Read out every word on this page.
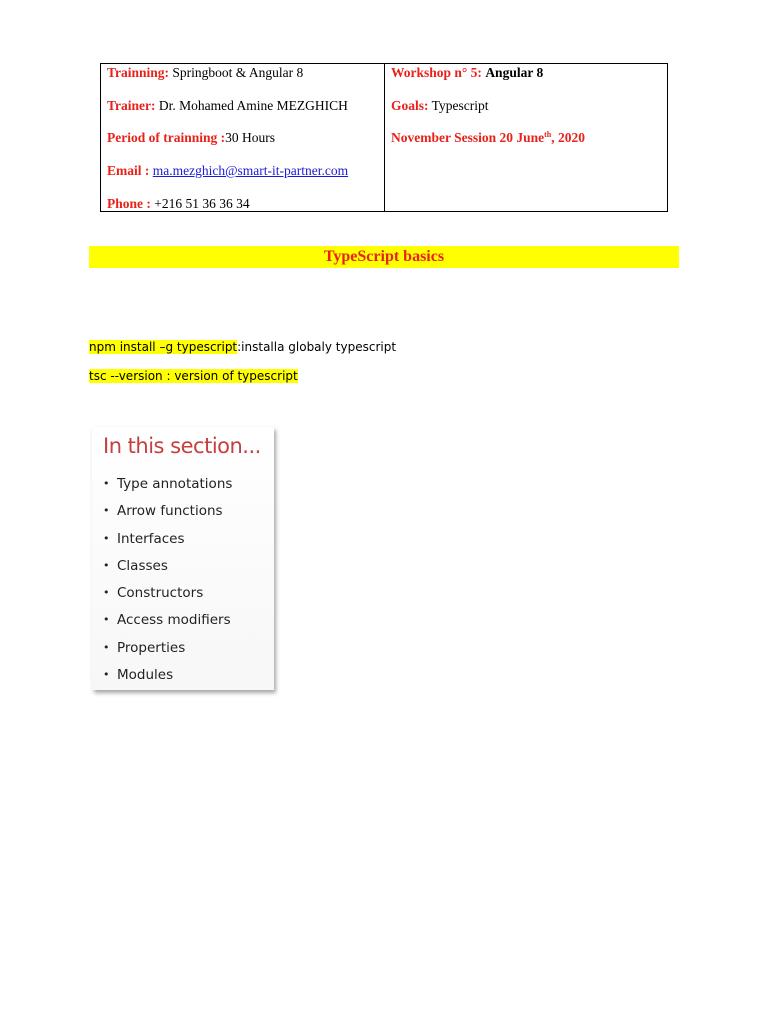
Trainning: Springboot & Angular 8
Trainer: Dr. Mohamed Amine MEZGHICH
Period of trainning :30 Hours
Email : ma.mezghich@smart-it-partner.com
Phone : +216 51 36 36 34
Workshop n° 5: Angular 8
Goals: Typescript
November Session 20 June$^{th}$, 2020
TypeScript basics
npm install –g typescript:installa globaly typescript
tsc --version : version of typescript
In this section...
• Type annotations
• Arrow functions
• Interfaces
• Classes
• Constructors
• Access modifiers
• Properties
• Modules
